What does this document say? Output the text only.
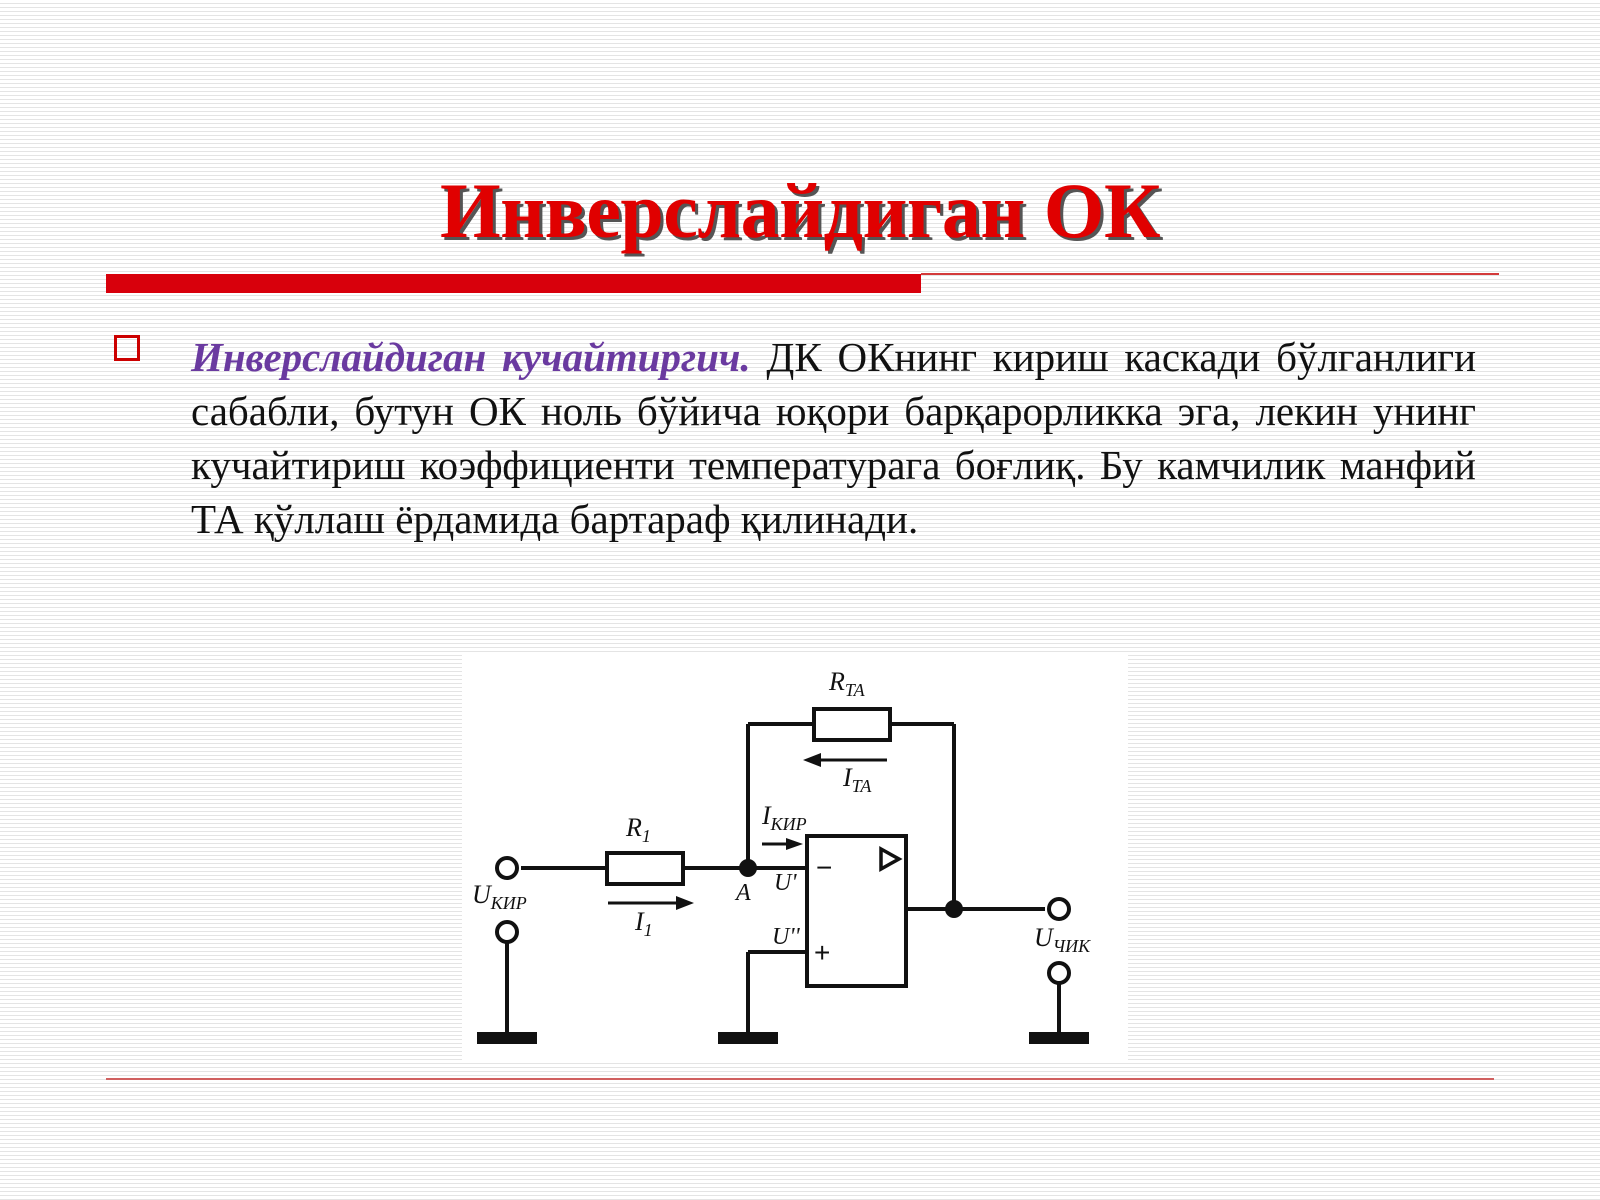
Инверслайдиган ОК

Инверслайдиган кучайтиргич. ДК ОКнинг кириш каскади бўлганлиги сабабли, бутун ОК ноль бўйича юқори барқарорликка эга, лекин унинг кучайтириш коэффициенти температурага боғлиқ. Бу камчилик манфий ТА қўллаш ёрдамида бартараф қилинади.

$R_1$
$R_{TA}$
$I_{TA}$
$I_1$
$I_{КИР}$
$U_{КИР}$
$U_{ЧИК}$
A U'
U''
−
+
